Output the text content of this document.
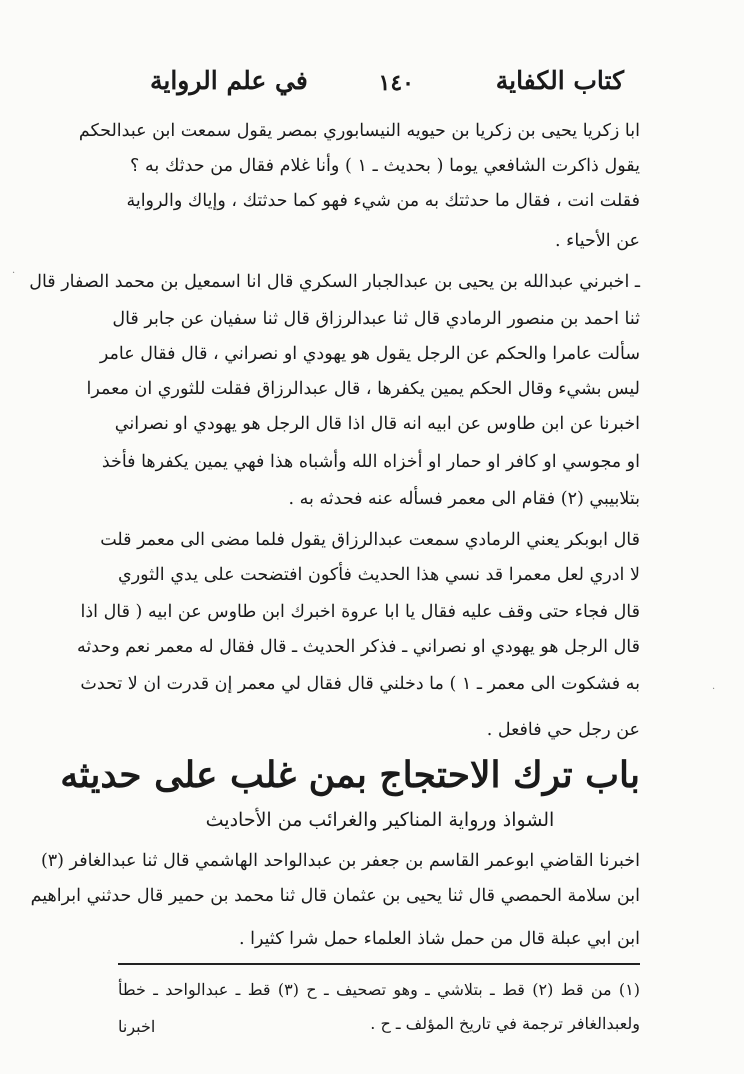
كتاب الكفاية
١٤٠
في علم الرواية
ابا زكريا يحيى بن زكريا بن حيويه النيسابوري بمصر يقول سمعت ابن عبدالحكم
يقول ذاكرت الشافعي يوما ( بحديث ـ ١ ) وأنا غلام فقال من حدثك به ؟
فقلت انت ، فقال ما حدثتك به من شيء فهو كما حدثتك ، وإياك والرواية
عن الأحياء .
ـ اخبرني عبدالله بن يحيى بن عبدالجبار السكري قال انا اسمعيل بن محمد الصفار قال
ثنا احمد بن منصور الرمادي قال ثنا عبدالرزاق قال ثنا سفيان عن جابر قال
سألت عامرا والحكم عن الرجل يقول هو يهودي او نصراني ، قال فقال عامر
ليس بشيء وقال الحكم يمين يكفرها ، قال عبدالرزاق فقلت للثوري ان معمرا
اخبرنا عن ابن طاوس عن ابيه انه قال اذا قال الرجل هو يهودي او نصراني
او مجوسي او كافر او حمار او أخزاه الله وأشباه هذا فهي يمين يكفرها فأخذ
بتلابيبي (٢) فقام الى معمر فسأله عنه فحدثه به .
قال ابوبكر يعني الرمادي سمعت عبدالرزاق يقول فلما مضى الى معمر قلت
لا ادري لعل معمرا قد نسي هذا الحديث فأكون افتضحت على يدي الثوري
قال فجاء حتى وقف عليه فقال يا ابا عروة اخبرك ابن طاوس عن ابيه ( قال اذا
قال الرجل هو يهودي او نصراني ـ فذكر الحديث ـ قال فقال له معمر نعم وحدثه
به فشكوت الى معمر ـ ١ ) ما دخلني قال فقال لي معمر إن قدرت ان لا تحدث
عن رجل حي فافعل .
باب ترك الاحتجاج بمن غلب على حديثه
الشواذ ورواية المناكير والغرائب من الأحاديث
اخبرنا القاضي ابوعمر القاسم بن جعفر بن عبدالواحد الهاشمي قال ثنا عبدالغافر (٣)
ابن سلامة الحمصي قال ثنا يحيى بن عثمان قال ثنا محمد بن حمير قال حدثني ابراهيم
ابن ابي عبلة قال من حمل شاذ العلماء حمل شرا كثيرا .
(١) من قط (٢) قط ـ بتلاشي ـ وهو تصحيف ـ ح (٣) قط ـ عبدالواحد ـ خطأ
ولعبدالغافر ترجمة في تاريخ المؤلف ـ ح .
اخبرنا
·
·
